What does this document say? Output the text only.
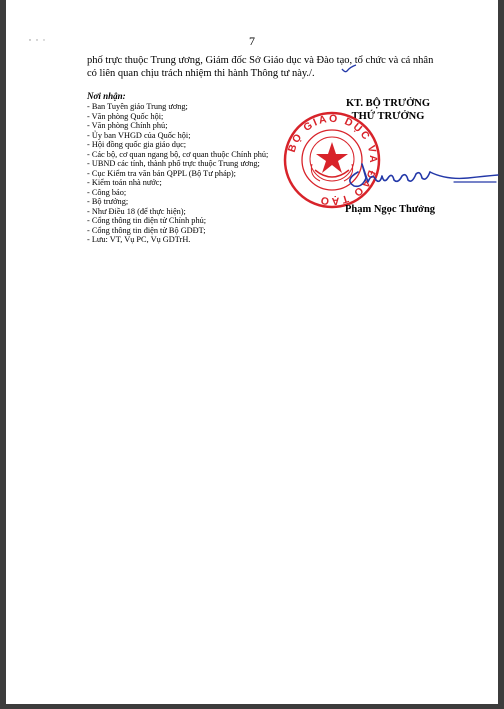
7
phố trực thuộc Trung ương, Giám đốc Sở Giáo dục và Đào tạo, tổ chức và cá nhân
có liên quan chịu trách nhiệm thi hành Thông tư này./.
Nơi nhận:
- Ban Tuyên giáo Trung ương;
- Văn phòng Quốc hội;
- Văn phòng Chính phủ;
- Ủy ban VHGD của Quốc hội;
- Hội đồng quốc gia giáo dục;
- Các bộ, cơ quan ngang bộ, cơ quan thuộc Chính phủ;
- UBND các tỉnh, thành phố trực thuộc Trung ương;
- Cục Kiểm tra văn bản QPPL (Bộ Tư pháp);
- Kiểm toán nhà nước;
- Công báo;
- Bộ trưởng;
- Như Điều 18 (để thực hiện);
- Cổng thông tin điện tử Chính phủ;
- Cổng thông tin điện tử Bộ GDĐT;
- Lưu: VT, Vụ PC, Vụ GDTrH.
KT. BỘ TRƯỞNG
THỨ TRƯỞNG
BỘ GIÁO DỤC VÀ ĐÀO TẠO
Phạm Ngọc Thưởng
